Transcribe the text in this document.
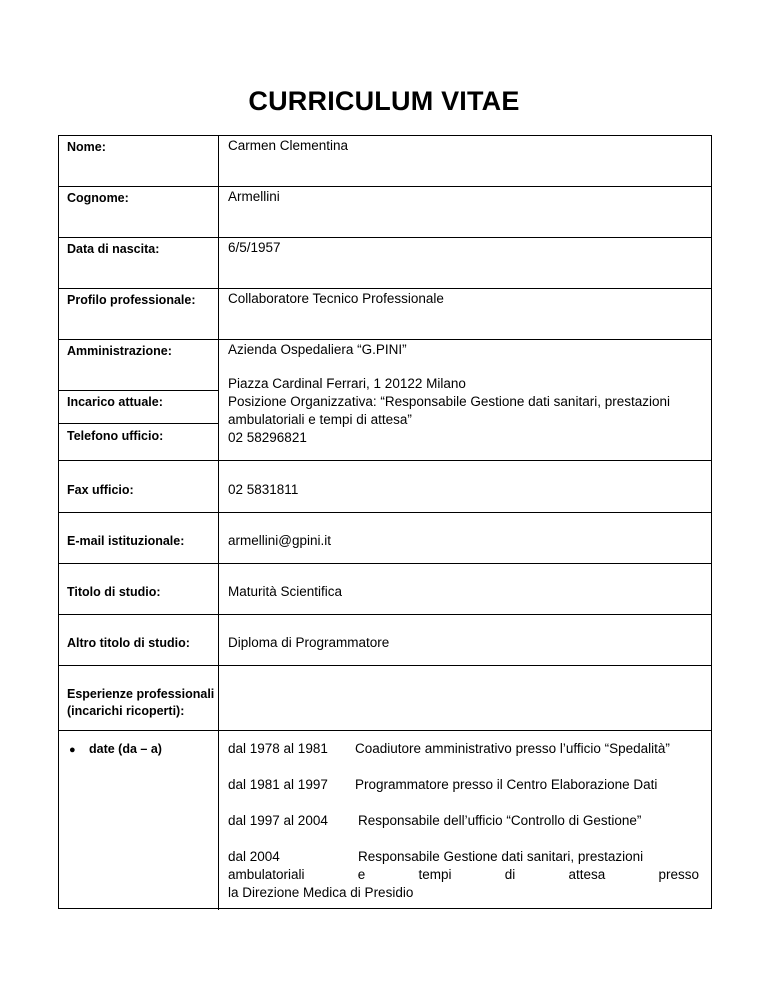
CURRICULUM VITAE
Nome:
Cognome:
Data di nascita:
Profilo professionale:
Amministrazione:
Incarico attuale:
Telefono ufficio:
Fax ufficio:
E-mail istituzionale:
Titolo di studio:
Altro titolo di studio:
Esperienze professionali
(incarichi ricoperti):
Carmen Clementina
Armellini
6/5/1957
Collaboratore Tecnico Professionale
Azienda Ospedaliera “G.PINI”
Piazza Cardinal Ferrari, 1 20122 Milano
Posizione Organizzativa: “Responsabile Gestione dati sanitari, prestazioni
ambulatoriali e tempi di attesa”
02 58296821
02 5831811
armellini@gpini.it
Maturità Scientifica
Diploma di Programmatore
● date (da – a)	dal 1978 al 1981 Coadiutore amministrativo presso l’ufficio “Spedalità”
dal 1981 al 1997 Programmatore presso il Centro Elaborazione Dati
dal 1997 al 2004 Responsabile dell’ufficio “Controllo di Gestione”
dal 2004	Responsabile Gestione dati sanitari, prestazioni
ambulatoriali e tempi di attesa presso
la Direzione Medica di Presidio
